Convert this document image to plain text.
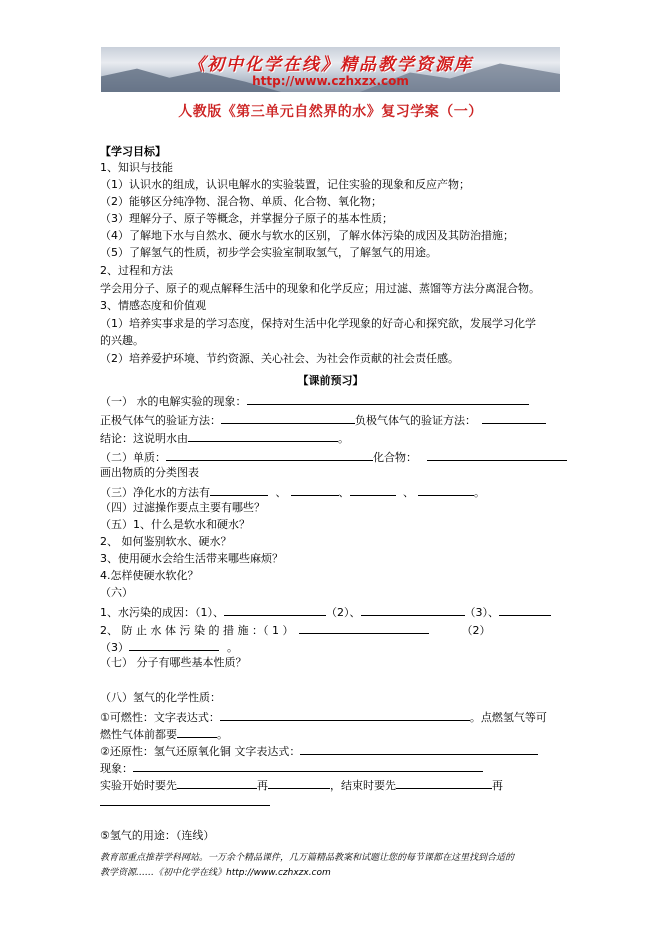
《初中化学在线》精品教学资源库
http://www.czhxzx.com
人教版《第三单元自然界的水》复习学案（一）
【学习目标】
1、知识与技能
（1）认识水的组成，认识电解水的实验装置，记住实验的现象和反应产物；
（2）能够区分纯净物、混合物、单质、化合物、氧化物；
（3）理解分子、原子等概念，并掌握分子原子的基本性质；
（4）了解地下水与自然水、硬水与软水的区别，了解水体污染的成因及其防治措施；
（5）了解氢气的性质，初步学会实验室制取氢气，了解氢气的用途。
2、过程和方法
学会用分子、原子的观点解释生活中的现象和化学反应；用过滤、蒸馏等方法分离混合物。
3、情感态度和价值观
（1）培养实事求是的学习态度，保持对生活中化学现象的好奇心和探究欲，发展学习化学
的兴趣。
（2）培养爱护环境、节约资源、关心社会、为社会作贡献的社会责任感。
【课前预习】
（一） 水的电解实验的现象：
正极气体气的验证方法：	负极气体气的验证方法：
结论：这说明水由	。
（二）单质：	化合物：
画出物质的分类图表
（三）净化水的方法有	、	、	、	。
（四）过滤操作要点主要有哪些？
（五）1、什么是软水和硬水？
2、 如何鉴别软水、硬水？
3、使用硬水会给生活带来哪些麻烦？
4.怎样使硬水软化？
（六）
1、水污染的成因：（1）、	（2）、	（3）、
2、 防 止 水 体 污 染 的 措 施 ：（ 1 ）	（2）
（3）	。
（七） 分子有哪些基本性质？
（八）氢气的化学性质：
①可燃性：文字表达式：	。点燃氢气等可
燃性气体前都要	。
②还原性：氢气还原氧化铜 文字表达式：
现象：
实验开始时要先	再	，结束时要先	再
⑤氢气的用途：（连线）
教育部重点推荐学科网站。一万余个精品课件，几万篇精品教案和试题让您的每节课都在这里找到合适的
教学资源……《初中化学在线》http://www.czhxzx.com
